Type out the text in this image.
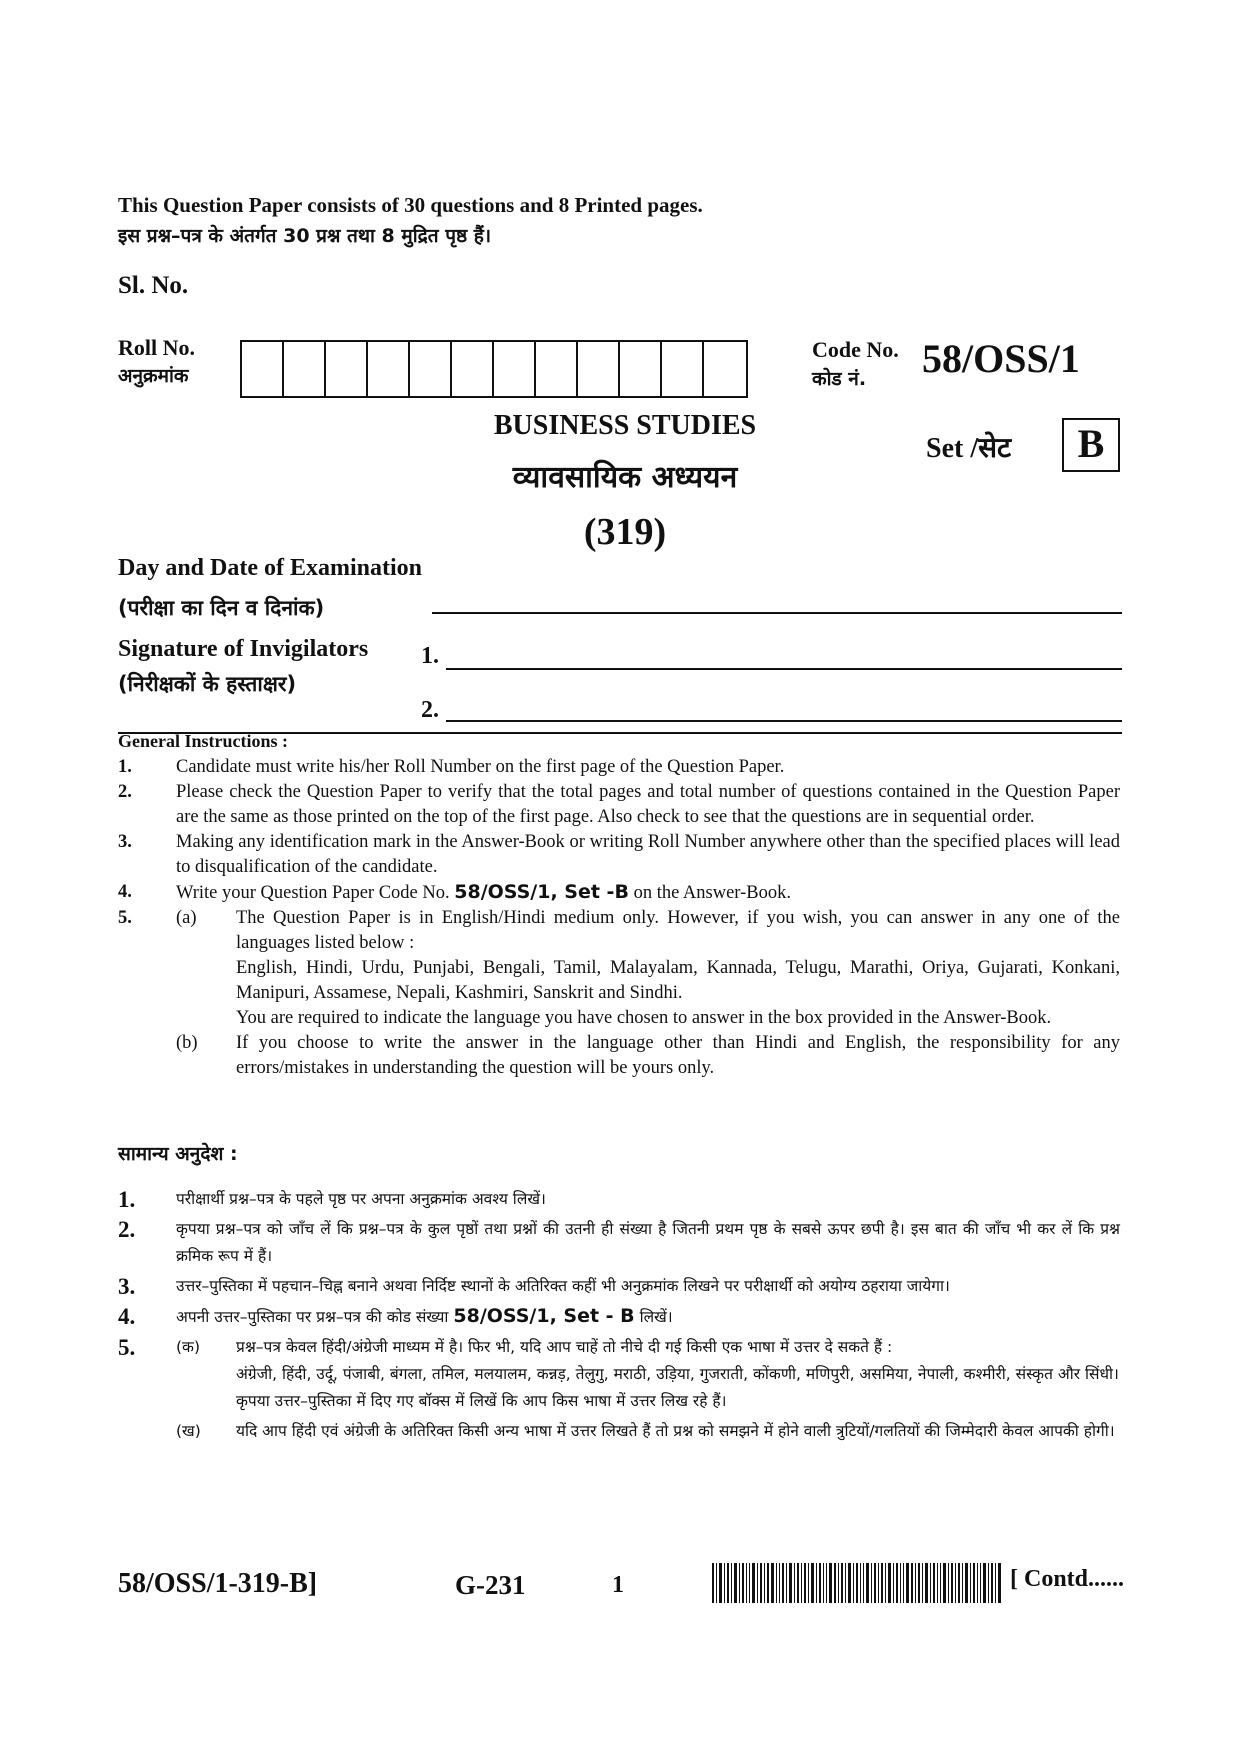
This Question Paper consists of 30 questions and 8 Printed pages.
इस प्रश्न–पत्र के अंतर्गत 30 प्रश्न तथा 8 मुद्रित पृष्ठ हैं।
Sl. No.
Roll No.
अनुक्रमांक
Code No.
कोड नं. 58/OSS/1
Set /सेट	B
BUSINESS STUDIES
व्यावसायिक अध्ययन
(319)
Day and Date of Examination
(परीक्षा का दिन व दिनांक)
Signature of Invigilators
(निरीक्षकों के हस्ताक्षर)
1.
2.
General Instructions :
1.	Candidate must write his/her Roll Number on the first page of the Question Paper.
2.	Please check the Question Paper to verify that the total pages and total number of questions contained in the Question Paper are the same as those printed on the top of the first page. Also check to see that the questions are in sequential order.
3.	Making any identification mark in the Answer-Book or writing Roll Number anywhere other than the specified places will lead to disqualification of the candidate.
4.	Write your Question Paper Code No. 58/OSS/1, Set -B on the Answer-Book.
5.	(a)	The Question Paper is in English/Hindi medium only. However, if you wish, you can answer in any one of the languages listed below :
English, Hindi, Urdu, Punjabi, Bengali, Tamil, Malayalam, Kannada, Telugu, Marathi, Oriya, Gujarati, Konkani, Manipuri, Assamese, Nepali, Kashmiri, Sanskrit and Sindhi.
You are required to indicate the language you have chosen to answer in the box provided in the Answer-Book.
(b)	If you choose to write the answer in the language other than Hindi and English, the responsibility for any errors/mistakes in understanding the question will be yours only.
सामान्य अनुदेश :
1.	परीक्षार्थी प्रश्न–पत्र के पहले पृष्ठ पर अपना अनुक्रमांक अवश्य लिखें।
2.	कृपया प्रश्न–पत्र को जाँच लें कि प्रश्न–पत्र के कुल पृष्ठों तथा प्रश्नों की उतनी ही संख्या है जितनी प्रथम पृष्ठ के सबसे ऊपर छपी है। इस बात की जाँच भी कर लें कि प्रश्न क्रमिक रूप में हैं।
3.	उत्तर–पुस्तिका में पहचान–चिह्न बनाने अथवा निर्दिष्ट स्थानों के अतिरिक्त कहीं भी अनुक्रमांक लिखने पर परीक्षार्थी को अयोग्य ठहराया जायेगा।
4.	अपनी उत्तर–पुस्तिका पर प्रश्न–पत्र की कोड संख्या 58/OSS/1, Set - B लिखें।
5.	(क)	प्रश्न–पत्र केवल हिंदी/अंग्रेजी माध्यम में है। फिर भी, यदि आप चाहें तो नीचे दी गई किसी एक भाषा में उत्तर दे सकते हैं :
अंग्रेजी, हिंदी, उर्दू, पंजाबी, बंगला, तमिल, मलयालम, कन्नड़, तेलुगु, मराठी, उड़िया, गुजराती, कोंकणी, मणिपुरी, असमिया, नेपाली, कश्मीरी, संस्कृत और सिंधी।
कृपया उत्तर–पुस्तिका में दिए गए बॉक्स में लिखें कि आप किस भाषा में उत्तर लिख रहे हैं।
(ख)	यदि आप हिंदी एवं अंग्रेजी के अतिरिक्त किसी अन्य भाषा में उत्तर लिखते हैं तो प्रश्न को समझने में होने वाली त्रुटियों/गलतियों की जिम्मेदारी केवल आपकी होगी।
58/OSS/1-319-B]	G-231	1	[ Contd......
